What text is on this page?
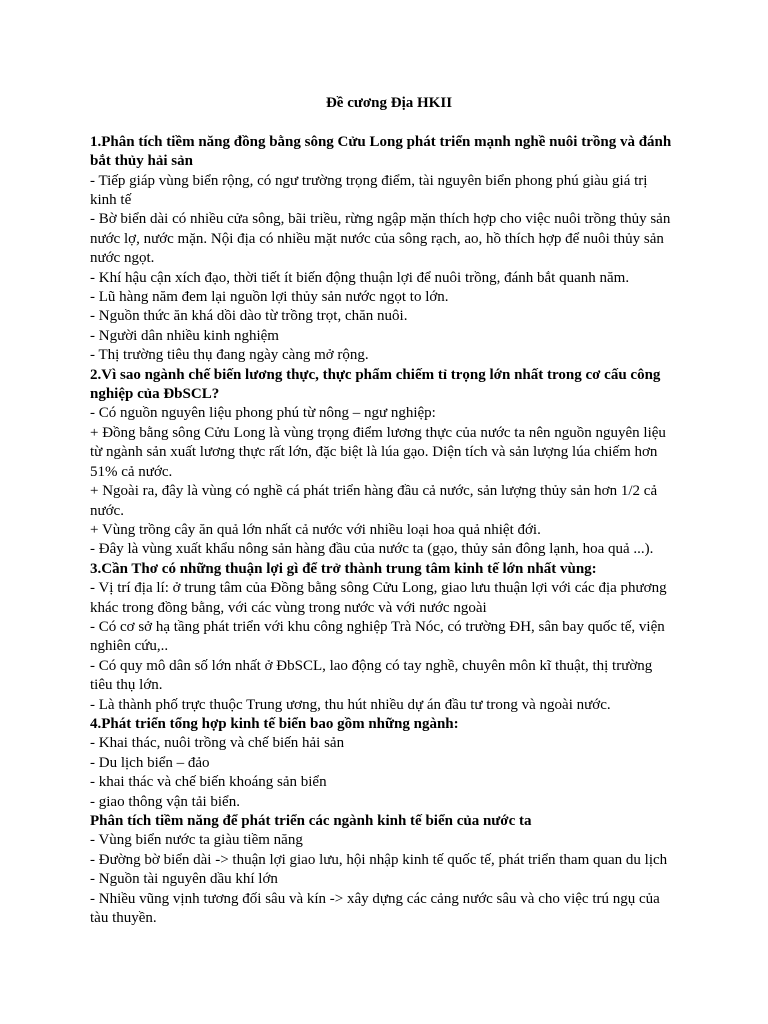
Đề cương Địa HKII
1.Phân tích tiềm năng đồng bằng sông Cửu Long phát triển mạnh nghề nuôi trồng và đánh
bắt thủy hải sản
- Tiếp giáp vùng biển rộng, có ngư trường trọng điểm, tài nguyên biển phong phú giàu giá trị
kinh tế
- Bờ biển dài có nhiều cửa sông, bãi triều, rừng ngập mặn thích hợp cho việc nuôi trồng thủy sản
nước lợ, nước mặn. Nội địa có nhiều mặt nước của sông rạch, ao, hồ thích hợp để nuôi thủy sản
nước ngọt.
- Khí hậu cận xích đạo, thời tiết ít biến động thuận lợi để nuôi trồng, đánh bắt quanh năm.
- Lũ hàng năm đem lại nguồn lợi thủy sản nước ngọt to lớn.
- Nguồn thức ăn khá dồi dào từ trồng trọt, chăn nuôi.
- Người dân nhiều kinh nghiệm
- Thị trường tiêu thụ đang ngày càng mở rộng.
2.Vì sao ngành chế biến lương thực, thực phẩm chiếm tỉ trọng lớn nhất trong cơ cấu công
nghiệp của ĐbSCL?
- Có nguồn nguyên liệu phong phú từ nông – ngư nghiệp:
+ Đồng bằng sông Cửu Long là vùng trọng điểm lương thực của nước ta nên nguồn nguyên liệu
từ ngành sản xuất lương thực rất lớn, đặc biệt là lúa gạo. Diện tích và sản lượng lúa chiếm hơn
51% cả nước.
+ Ngoài ra, đây là vùng có nghề cá phát triển hàng đầu cả nước, sản lượng thủy sản hơn 1/2 cả
nước.
+ Vùng trồng cây ăn quả lớn nhất cả nước với nhiều loại hoa quả nhiệt đới.
- Đây là vùng xuất khẩu nông sản hàng đầu của nước ta (gạo, thủy sản đông lạnh, hoa quả ...).
3.Cần Thơ có những thuận lợi gì để trở thành trung tâm kinh tế lớn nhất vùng:
- Vị trí địa lí: ở trung tâm của Đồng bằng sông Cửu Long, giao lưu thuận lợi với các địa phương
khác trong đồng bằng, với các vùng trong nước và với nước ngoài
- Có cơ sở hạ tầng phát triển với khu công nghiệp Trà Nóc, có trường ĐH, sân bay quốc tế, viện
nghiên cứu,..
- Có quy mô dân số lớn nhất ở ĐbSCL, lao động có tay nghề, chuyên môn kĩ thuật, thị trường
tiêu thụ lớn.
- Là thành phố trực thuộc Trung ương, thu hút nhiều dự án đầu tư trong và ngoài nước.
4.Phát triển tổng hợp kinh tế biển bao gồm những ngành:
- Khai thác, nuôi trồng và chế biến hải sản
- Du lịch biển – đảo
- khai thác và chế biến khoáng sản biển
- giao thông vận tải biển.
Phân tích tiềm năng để phát triển các ngành kinh tế biển của nước ta
- Vùng biển nước ta giàu tiềm năng
- Đường bờ biển dài -> thuận lợi giao lưu, hội nhập kinh tế quốc tế, phát triển tham quan du lịch
- Nguồn tài nguyên dầu khí lớn
- Nhiều vũng vịnh tương đối sâu và kín -> xây dựng các cảng nước sâu và cho việc trú ngụ của
tàu thuyền.
